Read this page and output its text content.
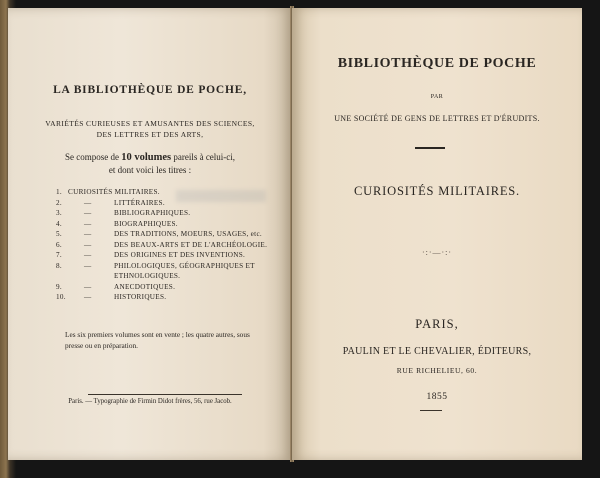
LA BIBLIOTHÈQUE DE POCHE,
VARIÉTÉS CURIEUSES ET AMUSANTES DES SCIENCES,
DES LETTRES ET DES ARTS,
Se compose de 10 volumes pareils à celui-ci,
et dont voici les titres :
1. CURIOSITÉS MILITAIRES.
2.	—	LITTÉRAIRES.
3.	—	BIBLIOGRAPHIQUES.
4.	—	BIOGRAPHIQUES.
5.	—	DES TRADITIONS, MOEURS, USAGES, etc.
6.	—	DES BEAUX-ARTS ET DE L'ARCHÉOLOGIE.
7.	—	DES ORIGINES ET DES INVENTIONS.
8.	—	PHILOLOGIQUES, GÉOGRAPHIQUES ET
ETHNOLOGIQUES.
9.	—	ANECDOTIQUES.
10.	—	HISTORIQUES.
Les six premiers volumes sont en vente ; les quatre autres, sous
presse ou en préparation.
Paris. — Typographie de Firmin Didot frères, 56, rue Jacob.
BIBLIOTHÈQUE DE POCHE
PAR
UNE SOCIÉTÉ DE GENS DE LETTRES ET D'ÉRUDITS.
CURIOSITÉS MILITAIRES.
·:·—·:·
PARIS,
PAULIN ET LE CHEVALIER, ÉDITEURS,
RUE RICHELIEU, 60.
1855
